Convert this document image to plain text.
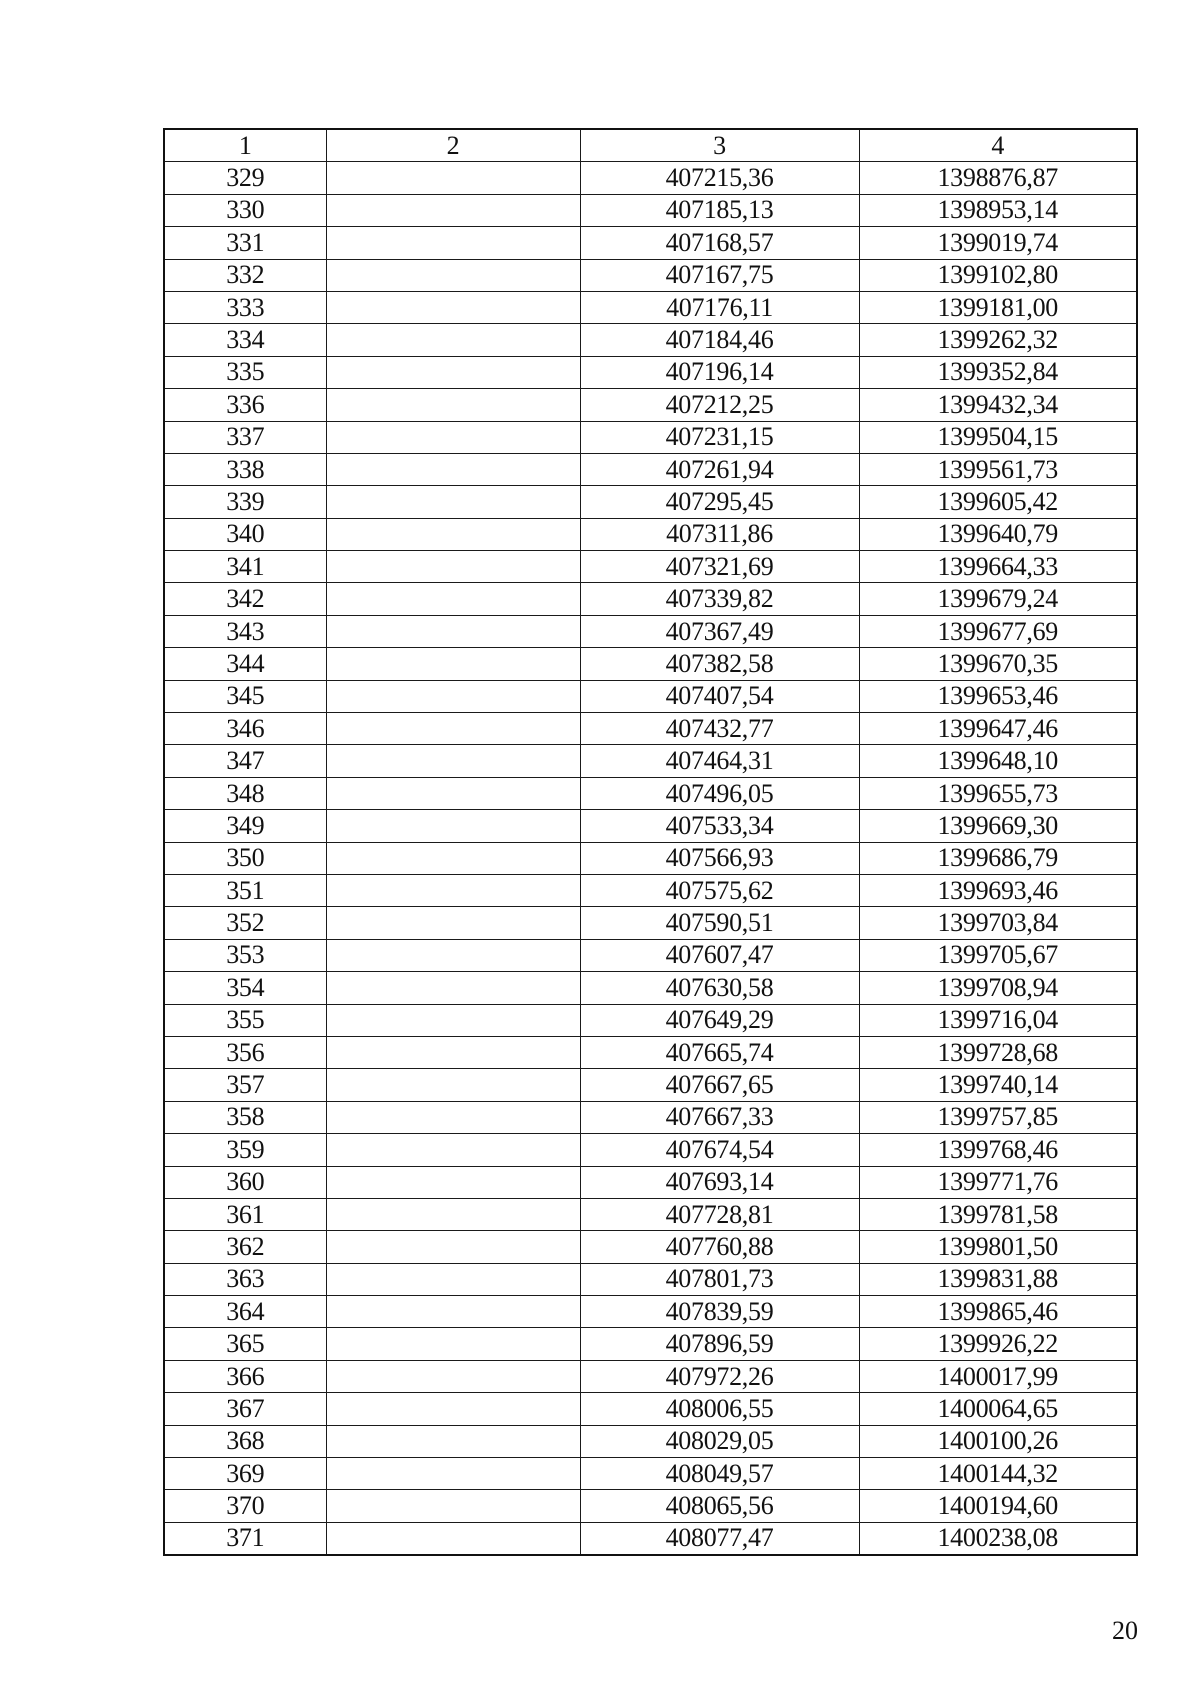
1	2	3	4
329		407215,36	1398876,87
330		407185,13	1398953,14
331		407168,57	1399019,74
332		407167,75	1399102,80
333		407176,11	1399181,00
334		407184,46	1399262,32
335		407196,14	1399352,84
336		407212,25	1399432,34
337		407231,15	1399504,15
338		407261,94	1399561,73
339		407295,45	1399605,42
340		407311,86	1399640,79
341		407321,69	1399664,33
342		407339,82	1399679,24
343		407367,49	1399677,69
344		407382,58	1399670,35
345		407407,54	1399653,46
346		407432,77	1399647,46
347		407464,31	1399648,10
348		407496,05	1399655,73
349		407533,34	1399669,30
350		407566,93	1399686,79
351		407575,62	1399693,46
352		407590,51	1399703,84
353		407607,47	1399705,67
354		407630,58	1399708,94
355		407649,29	1399716,04
356		407665,74	1399728,68
357		407667,65	1399740,14
358		407667,33	1399757,85
359		407674,54	1399768,46
360		407693,14	1399771,76
361		407728,81	1399781,58
362		407760,88	1399801,50
363		407801,73	1399831,88
364		407839,59	1399865,46
365		407896,59	1399926,22
366		407972,26	1400017,99
367		408006,55	1400064,65
368		408029,05	1400100,26
369		408049,57	1400144,32
370		408065,56	1400194,60
371		408077,47	1400238,08
20
